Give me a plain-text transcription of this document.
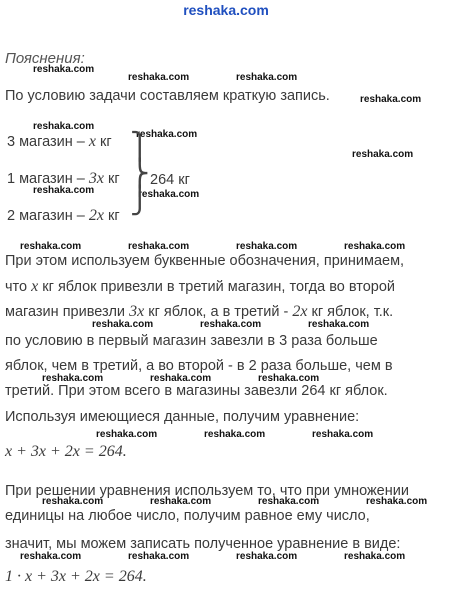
reshaka.com
Пояснения:
reshaka.com
reshaka.com	reshaka.com
reshaka.com
reshaka.com
reshaka.com
reshaka.com
reshaka.com	reshaka.com
reshaka.com	reshaka.com	reshaka.com	reshaka.com
reshaka.com	reshaka.com	reshaka.com
reshaka.com	reshaka.com	reshaka.com
reshaka.com	reshaka.com	reshaka.com
reshaka.com	reshaka.com	reshaka.com	reshaka.com
reshaka.com	reshaka.com	reshaka.com	reshaka.com
По условию задачи составляем краткую запись.
3 магазин – x кг
1 магазин – 3x кг
2 магазин – 2x кг
⎫
⎬
⎭
264 кг
При этом используем буквенные обозначения, принимаем,
что x кг яблок привезли в третий магазин, тогда во второй
магазин привезли 3x кг яблок, а в третий - 2x кг яблок, т.к.
по условию в первый магазин завезли в 3 раза больше
яблок, чем в третий, а во второй - в 2 раза больше, чем в
третий. При этом всего в магазины завезли 264 кг яблок.
Используя имеющиеся данные, получим уравнение:
x + 3x + 2x = 264.
При решении уравнения используем то, что при умножении
единицы на любое число, получим равное ему число,
значит, мы можем записать полученное уравнение в виде:
1 · x + 3x + 2x = 264.
